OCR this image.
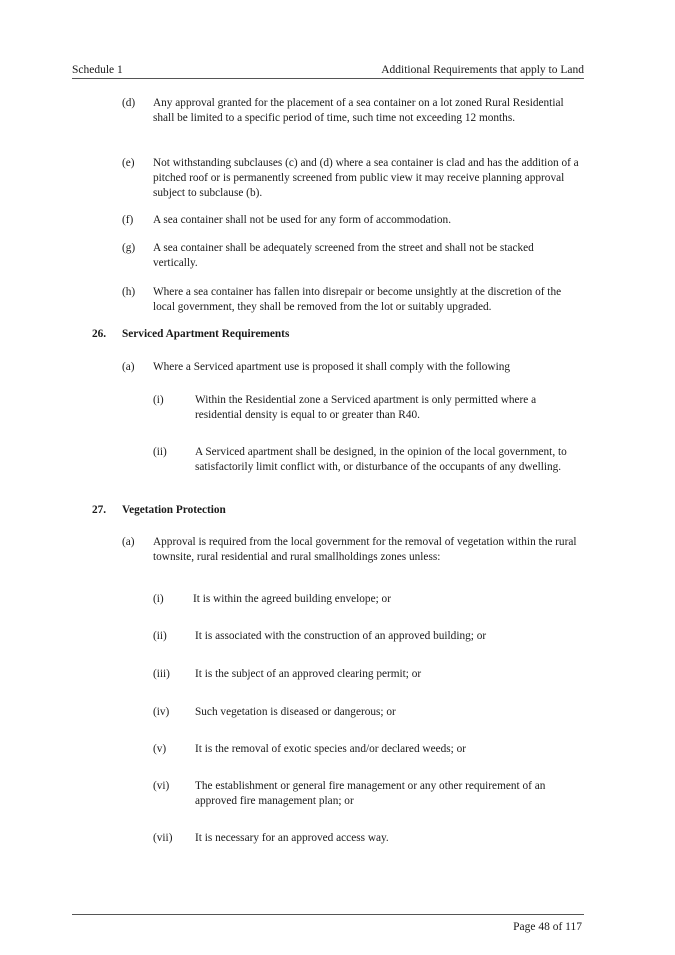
Schedule 1	Additional Requirements that apply to Land
(d) Any approval granted for the placement of a sea container on a lot zoned Rural Residential shall be limited to a specific period of time, such time not exceeding 12 months.
(e) Not withstanding subclauses (c) and (d) where a sea container is clad and has the addition of a pitched roof or is permanently screened from public view it may receive planning approval subject to subclause (b).
(f) A sea container shall not be used for any form of accommodation.
(g) A sea container shall be adequately screened from the street and shall not be stacked vertically.
(h) Where a sea container has fallen into disrepair or become unsightly at the discretion of the local government, they shall be removed from the lot or suitably upgraded.
26. Serviced Apartment Requirements
(a) Where a Serviced apartment use is proposed it shall comply with the following
(i)	Within the Residential zone a Serviced apartment is only permitted where a residential density is equal to or greater than R40.
(ii) A Serviced apartment shall be designed, in the opinion of the local government, to satisfactorily limit conflict with, or disturbance of the occupants of any dwelling.
27. Vegetation Protection
(a) Approval is required from the local government for the removal of vegetation within the rural townsite, rural residential and rural smallholdings zones unless:
(i)	It is within the agreed building envelope; or
(ii) It is associated with the construction of an approved building; or
(iii) It is the subject of an approved clearing permit; or
(iv) Such vegetation is diseased or dangerous; or
(v)	It is the removal of exotic species and/or declared weeds; or
(vi) The establishment or general fire management or any other requirement of an approved fire management plan; or
(vii) It is necessary for an approved access way.
Page 48 of 117
